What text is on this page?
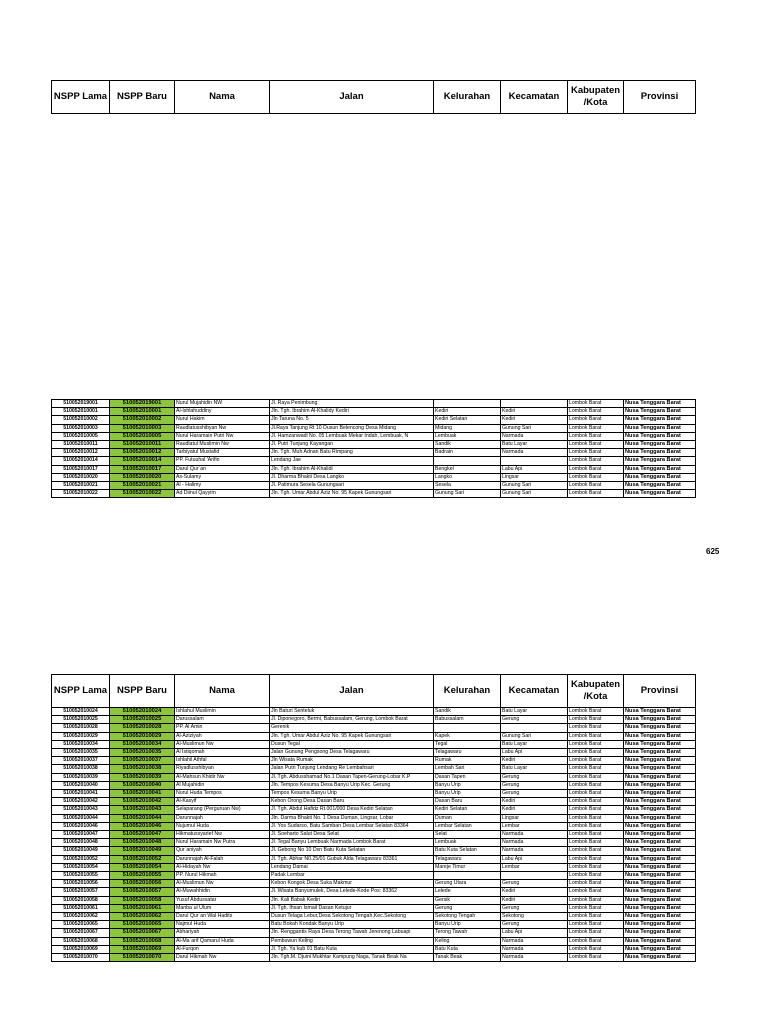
NSPP Lama	NSPP Baru	Nama	Jalan	Kelurahan	Kecamatan	Kabupaten /Kota	Provinsi
510052019001	510052019001	Nurul Mujahidin NW	Jl. Raya Penimbung			Lombok Barat	Nusa Tenggara Barat
510052010001	510052010001	Al-Ishlahuddiny	Jln. Tgh. Ibrahim Al-Khalidy Kediri	Kediri	Kediri	Lombok Barat	Nusa Tenggara Barat
510052010002	510052010002	Nurul Hakim	Jln Taruna No. 5	Kediri Selatan	Kediri	Lombok Barat	Nusa Tenggara Barat
510052010003	510052010003	Raudlatusshibyan Nw	Jl.Raya Tanjung Rt 10 Dusun Belencong Desa Midang	Midang	Gunung Sari	Lombok Barat	Nusa Tenggara Barat
510052010005	510052010005	Nurul Haramain Putri Nw	Jl. Hamzanwadi No. 05 Lembuak Mekar Indah, Lembuak, N	Lembuak	Narmada	Lombok Barat	Nusa Tenggara Barat
510052010011	510052010011	Raudlatul Muslimin Nw	Jl. Putri Tunjung Kayangan	Sandik	Batu Layar	Lombok Barat	Nusa Tenggara Barat
510052010012	510052010012	Tarbiyatul Mustafid	Jln. Tgh. Muh Adnan Batu Rimpang	Badrain	Narmada	Lombok Barat	Nusa Tenggara Barat
510052010014	510052010014	PP. Futuuhal 'Arifin	Lendang Jae			Lombok Barat	Nusa Tenggara Barat
510052010017	510052010017	Darul Qur`an	Jln. Tgh. Ibrahim Al-Khalidi	Bengkel	Labu Api	Lombok Barat	Nusa Tenggara Barat
510052010020	510052010020	As-Sulamy	Jl. Dharma Bhakti Desa Langko	Langko	Lingsar	Lombok Barat	Nusa Tenggara Barat
510052010021	510052010021	Al - Halimy	Jl. Patimura Sesela Gunungsari	Sesela	Gunung Sari	Lombok Barat	Nusa Tenggara Barat
510052010022	510052010022	Ad Diinul Qayyim	Jln. Tgh. Umar Abdul Aziz No. 95 Kapek Gunungsari	Gunung Sari	Gunung Sari	Lombok Barat	Nusa Tenggara Barat
625
NSPP Lama	NSPP Baru	Nama	Jalan	Kelurahan	Kecamatan	Kabupaten /Kota	Provinsi
510052010024	510052010024	Ishlahul Muslimin	Jln Baturi Senteluk	Sandik	Batu Layar	Lombok Barat	Nusa Tenggara Barat
510052010025	510052010025	Darussalam	Jl. Diponegoro, Bermi, Babussalam, Gerung, Lombok Barat	Babussalam	Gerung	Lombok Barat	Nusa Tenggara Barat
510052010028	510052010028	PP. Al Amin	Gerenik			Lombok Barat	Nusa Tenggara Barat
510052010029	510052010029	Al-Aziziyah	Jln. Tgh. Umar Abdul Aziz No. 95 Kapek Gunungsari	Kapek	Gunung Sari	Lombok Barat	Nusa Tenggara Barat
510052010034	510052010034	Al-Muslimun Nw	Dusun Tegal	Tegal	Batu Layar	Lombok Barat	Nusa Tenggara Barat
510052010035	510052010035	Al Istiqomah	Jalan Gunung Pengsong Desa Telagawaru	Telagawaru	Labu Api	Lombok Barat	Nusa Tenggara Barat
510052010037	510052010037	Ishlahil Athfal	Jln Wisata Rumak	Rumak	Kediri	Lombok Barat	Nusa Tenggara Barat
510052010038	510052010038	Riyadlusshibyan	Jalan Putri Tunjung Lendang Re Lembahsari	Lembah Sari	Batu Layar	Lombok Barat	Nusa Tenggara Barat
510052010039	510052010039	Al-Mahsun Khidir Nw	Jl. Tgh. Abdusshamad No.1 Dasan Tapen-Gerung-Lobar K.P	Dasan Tapen	Gerung	Lombok Barat	Nusa Tenggara Barat
510052010040	510052010040	Al Mujahidin	Jln. Tempos Kesuma Desa Banyu Urip Kec. Gerung	Banyu Urip	Gerung	Lombok Barat	Nusa Tenggara Barat
510052010041	510052010041	Nurul Huda Tempos	Tempos Kesuma Banyu Urip	Banyu Urip	Gerung	Lombok Barat	Nusa Tenggara Barat
510052010042	510052010042	Al-Kasyif	Kebon Orong Desa Dasan Baru	Dasan Baru	Kediri	Lombok Barat	Nusa Tenggara Barat
510052010043	510052010043	Selaparang (Perguruan Nw)	Jl. Tgh. Abdul Hafidz Rt.001/000 Desa Kediri Selatan	Kediri Selatan	Kediri	Lombok Barat	Nusa Tenggara Barat
510052010044	510052010044	Darunnajah	Jln. Darma Bhakti No. 1 Desa Duman, Lingsar, Lobar	Duman	Lingsar	Lombok Barat	Nusa Tenggara Barat
510052010046	510052010046	Nujumul Huda	Jl. Yos Sudarso, Batu Samban Desa Lembar Selatan 83364	Lembar Selatan	Lembar	Lombok Barat	Nusa Tenggara Barat
510052010047	510052010047	Hikmatussyarief Nw	Jl. Soeharto Salut Desa Selat	Selat	Narmada	Lombok Barat	Nusa Tenggara Barat
510052010048	510052010048	Nurul Haramain Nw Putra	Jl. Tegal Banyu Lembuak Narmada Lombok Barat	Lembuak	Narmada	Lombok Barat	Nusa Tenggara Barat
510052010049	510052010049	Qur`aniyah	Jl. Gebong No 10 Dsn Batu Kuta Selatan	Batu Kuta Selatan	Narmada	Lombok Barat	Nusa Tenggara Barat
510052010052	510052010052	Darunnajah Al-Falah	Jl. Tgh. Abhar N0.25/01 Gubuk Alda Telagawaru 83361	Telagawaru	Labu Api	Lombok Barat	Nusa Tenggara Barat
510052010054	510052010054	Al-Hidayah Nw	Lendang Damai	Mareje Timur	Lembar	Lombok Barat	Nusa Tenggara Barat
510052010055	510052010055	PP. Nurul Hikmah	Padak Lembar			Lombok Barat	Nusa Tenggara Barat
510052010056	510052010056	Al-Muslimun Nw	Kebon Kongok Desa Suka Makmur	Gerung Utara	Gerung	Lombok Barat	Nusa Tenggara Barat
510052010057	510052010057	Al-Muwahhidin	Jl. Wisata Banyumulek, Desa Lelede-Kode Pos: 83362	Lelede	Kediri	Lombok Barat	Nusa Tenggara Barat
510052010058	510052010058	Yusuf Abdussatar	Jln. Kali Babak Kediri	Gersik	Kediri	Lombok Barat	Nusa Tenggara Barat
510052010061	510052010061	Manba`ul Ulum	Jl. Tgh. Ihsan Ismail Dasan Ketujur	Gerung	Gerung	Lombok Barat	Nusa Tenggara Barat
510052010062	510052010062	Darul Qur`an Wal Hadits	Dusun Telaga Lebur,Desa Sekotong Tengah,Kec.Sekotong	Sekotong Tengah	Sekotong	Lombok Barat	Nusa Tenggara Barat
510052010065	510052010065	Najmul Huda	Batu Bokah Kondak Banyu Urip	Banyu Urip	Gerung	Lombok Barat	Nusa Tenggara Barat
510052010067	510052010067	Abhariyah	Jln. Renggantis Raya Desa Terong Tawah Jerenong Labuapi	Terong Tawah	Labu Api	Lombok Barat	Nusa Tenggara Barat
510052010068	510052010068	Al-Ma`arif Qamarul Huda	Pembuwun Keling	Keling	Narmada	Lombok Barat	Nusa Tenggara Barat
510052010069	510052010069	Al-Furqon	Jl. Tgh. Ya`kub 01 Batu Kuta	Batu Kuta	Narmada	Lombok Barat	Nusa Tenggara Barat
510052010070	510052010070	Darul Hikmah Nw	Jln. Tgh.M. Djuini Mukhtar Kampung Naga, Tanak Beak Na	Tanak Beak	Narmada	Lombok Barat	Nusa Tenggara Barat
